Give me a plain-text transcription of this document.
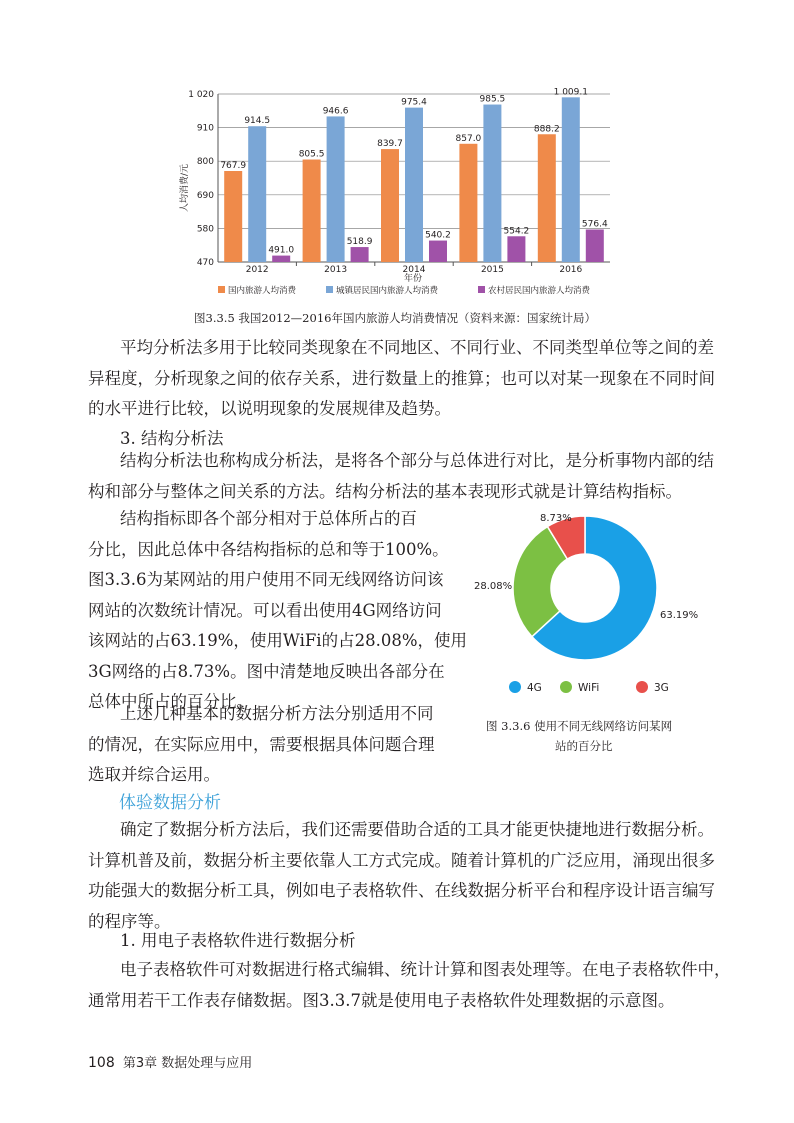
470
580
690
800
910
1 020
767.9
914.5
491.0
805.5
946.6
518.9
839.7
975.4
540.2
857.0
985.5
554.2
888.2
1 009.1
576.4
2012	2013	2014	2015	2016
人均消费/元
年份
国内旅游人均消费	城镇居民国内旅游人均消费	农村居民国内旅游人均消费
图3.3.5 我国2012—2016年国内旅游人均消费情况（资料来源：国家统计局）
平均分析法多用于比较同类现象在不同地区、不同行业、不同类型单位等之间的差
异程度，分析现象之间的依存关系，进行数量上的推算；也可以对某一现象在不同时间
的水平进行比较，以说明现象的发展规律及趋势。
3. 结构分析法
结构分析法也称构成分析法，是将各个部分与总体进行对比，是分析事物内部的结
构和部分与整体之间关系的方法。结构分析法的基本表现形式就是计算结构指标。
结构指标即各个部分相对于总体所占的百
分比，因此总体中各结构指标的总和等于100%。
图3.3.6为某网站的用户使用不同无线网络访问该
网站的次数统计情况。可以看出使用4G网络访问
该网站的占63.19%，使用WiFi的占28.08%，使用
3G网络的占8.73%。图中清楚地反映出各部分在
总体中所占的百分比。
上述几种基本的数据分析方法分别适用不同
的情况，在实际应用中，需要根据具体问题合理
选取并综合运用。
63.19%
28.08%
8.73%
4G	WiFi	3G
图 3.3.6 使用不同无线网络访问某网
站的百分比
体验数据分析
确定了数据分析方法后，我们还需要借助合适的工具才能更快捷地进行数据分析。
计算机普及前，数据分析主要依靠人工方式完成。随着计算机的广泛应用，涌现出很多
功能强大的数据分析工具，例如电子表格软件、在线数据分析平台和程序设计语言编写
的程序等。
1. 用电子表格软件进行数据分析
电子表格软件可对数据进行格式编辑、统计计算和图表处理等。在电子表格软件中，
通常用若干工作表存储数据。图3.3.7就是使用电子表格软件处理数据的示意图。
108 第3章 数据处理与应用
